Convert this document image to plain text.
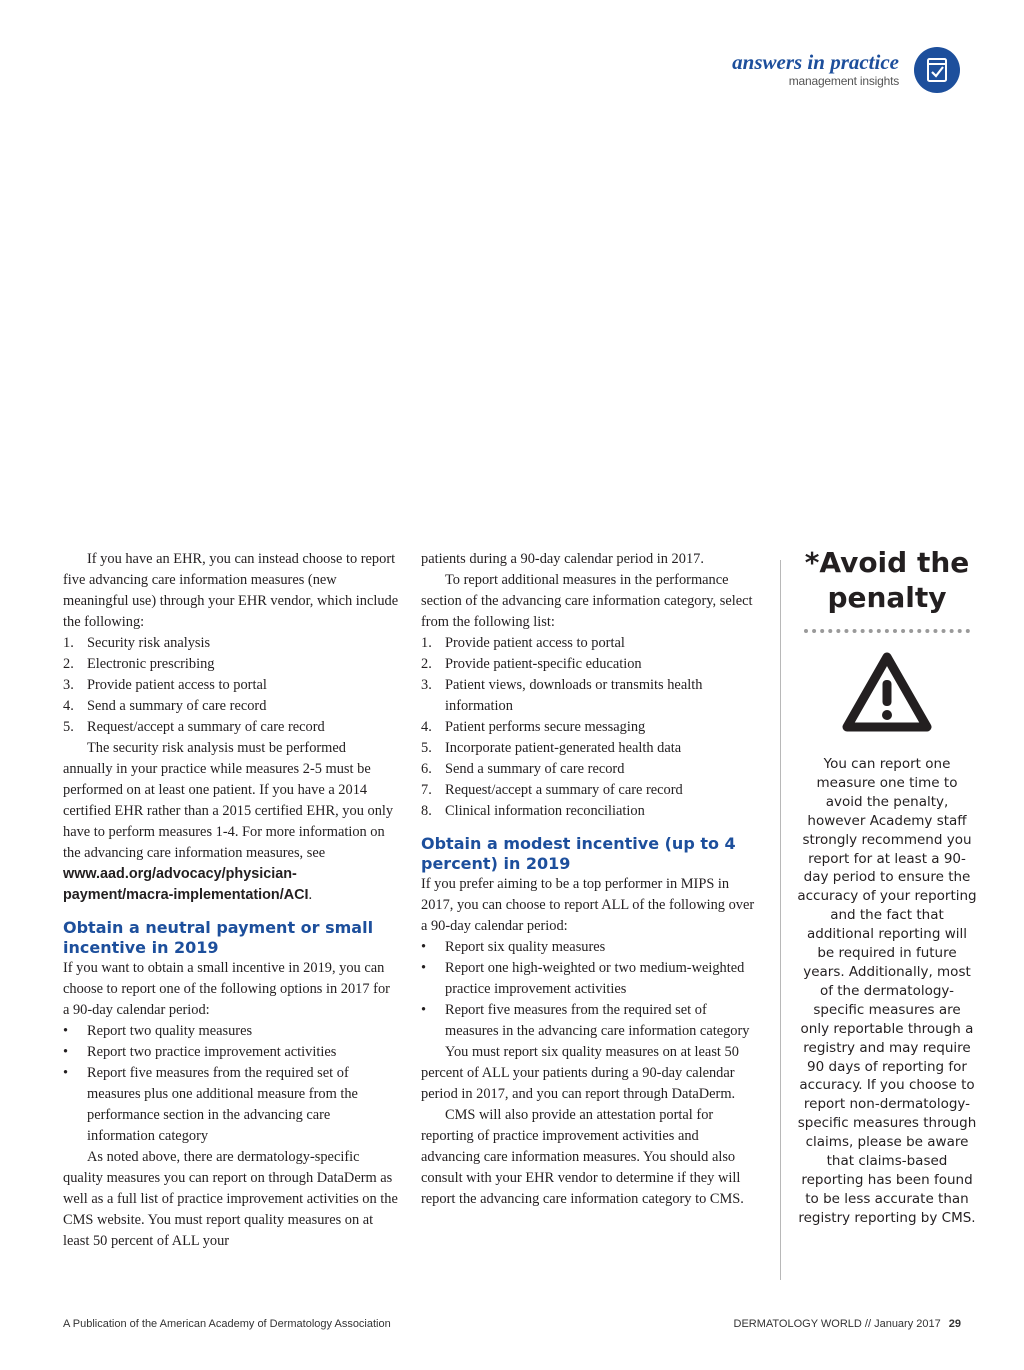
answers in practice
management insights

If you have an EHR, you can instead choose to report five advancing care information measures (new meaningful use) through your EHR vendor, which include the following:

1. Security risk analysis
2. Electronic prescribing
3. Provide patient access to portal
4. Send a summary of care record
5. Request/accept a summary of care record

The security risk analysis must be performed annually in your practice while measures 2-5 must be performed on at least one patient. If you have a 2014 certified EHR rather than a 2015 certified EHR, you only have to perform measures 1-4. For more information on the advancing care information measures, see www.aad.org/advocacy/physician-payment/macra-implementation/ACI.

Obtain a neutral payment or small incentive in 2019

If you want to obtain a small incentive in 2019, you can choose to report one of the following options in 2017 for a 90-day calendar period:

• Report two quality measures
• Report two practice improvement activities
• Report five measures from the required set of measures plus one additional measure from the performance section in the advancing care information category

As noted above, there are dermatology-specific quality measures you can report on through DataDerm as well as a full list of practice improvement activities on the CMS website. You must report quality measures on at least 50 percent of ALL your

patients during a 90-day calendar period in 2017.

To report additional measures in the performance section of the advancing care information category, select from the following list:

1. Provide patient access to portal
2. Provide patient-specific education
3. Patient views, downloads or transmits health information
4. Patient performs secure messaging
5. Incorporate patient-generated health data
6. Send a summary of care record
7. Request/accept a summary of care record
8. Clinical information reconciliation
Obtain a modest incentive (up to 4 percent) in 2019

If you prefer aiming to be a top performer in MIPS in 2017, you can choose to report ALL of the following over a 90-day calendar period:

• Report six quality measures
• Report one high-weighted or two medium-weighted practice improvement activities
• Report five measures from the required set of measures in the advancing care information category

You must report six quality measures on at least 50 percent of ALL your patients during a 90-day calendar period in 2017, and you can report through DataDerm.

CMS will also provide an attestation portal for reporting of practice improvement activities and advancing care information measures. You should also consult with your EHR vendor to determine if they will report the advancing care information category to CMS.

*Avoid the penalty
You can report one measure one time to avoid the penalty, however Academy staff strongly recommend you report for at least a 90-day period to ensure the accuracy of your reporting and the fact that additional reporting will be required in future years. Additionally, most of the dermatology-specific measures are only reportable through a registry and may require 90 days of reporting for accuracy. If you choose to report non-dermatology-specific measures through claims, please be aware that claims-based reporting has been found to be less accurate than registry reporting by CMS.
A Publication of the American Academy of Dermatology Association	DERMATOLOGY WORLD // January 2017 29
